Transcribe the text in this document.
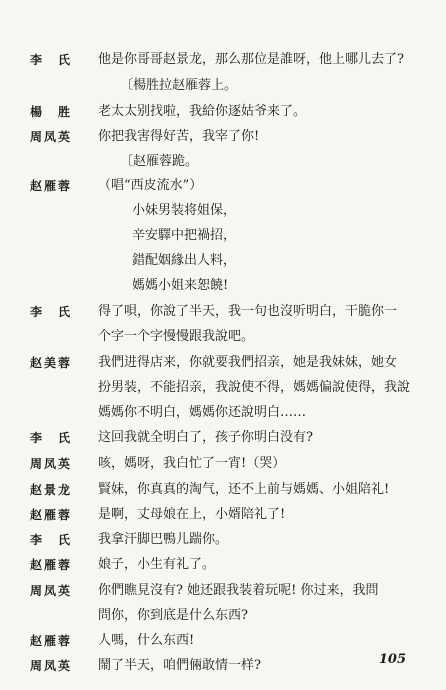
李　氏	他是你哥哥赵景龙，那么那位是誰呀，他上哪儿去了?
〔楊胜拉赵雁蓉上。
楊　胜	老太太别找啦，我給你逐姑爷来了。
周凤英	你把我害得好苦，我宰了你!
〔赵雁蓉跪。
赵雁蓉	（唱“西皮流水”）
小妹男装将姐保，
辛安驛中把禍招，
錯配姻緣出人料，
媽媽小姐来恕饒!
李　氏	得了唄，你說了半天，我一句也沒听明白，干脆你一
个字一个字慢慢跟我說吧。
赵美蓉	我們进得店来，你就要我們招亲，她是我妹妹，她女
扮男装，不能招亲，我說使不得，媽媽偏說使得，我說
媽媽你不明白，媽媽你还說明白……
李　氏	这回我就全明白了，孩子你明白没有?
周凤英	咳，媽呀，我白忙了一宵!（哭）
赵景龙	賢妹，你真真的淘气，还不上前与媽媽、小姐陪礼!
赵雁蓉	是啊，丈母娘在上，小婿陪礼了!
李　氏	我拿汗脚巴鴨儿踹你。
赵雁蓉	娘子，小生有礼了。
周凤英	你們瞧見沒有? 她还跟我装着玩呢! 你过来，我問
問你，你到底是什么东西?
赵雁蓉	人嗎，什么东西!
周凤英	鬧了半天，咱們倆敢情一样?	105
